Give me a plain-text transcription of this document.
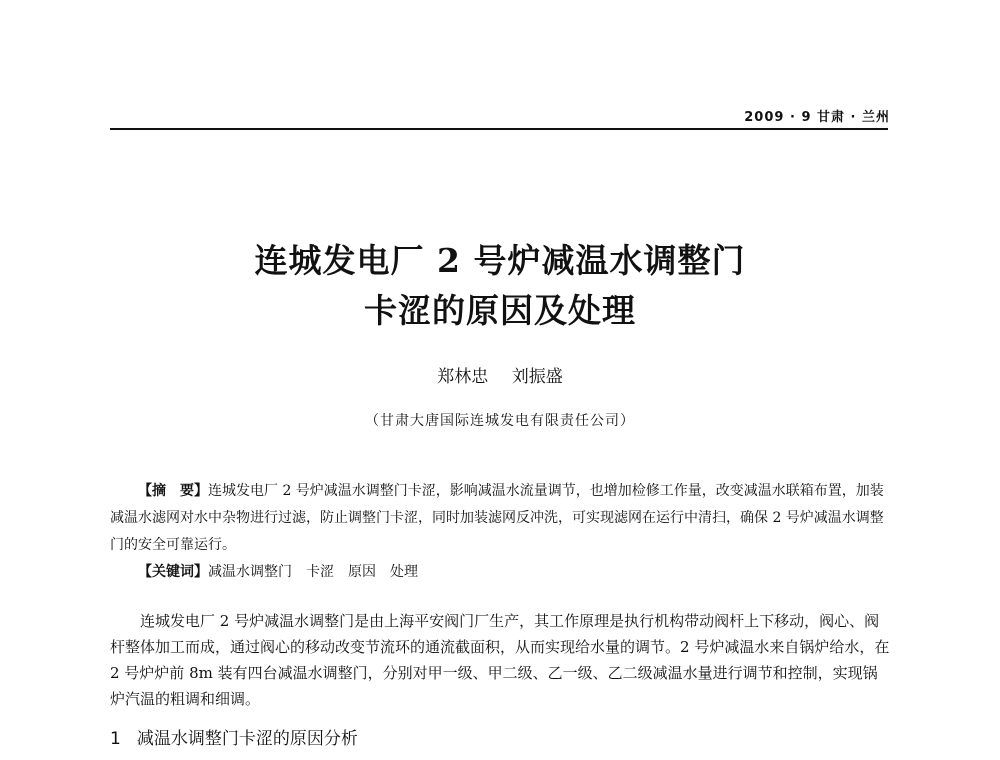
2009 · 9 甘肃 · 兰州
连城发电厂 2 号炉减温水调整门
卡涩的原因及处理
郑林忠 刘振盛
（甘肃大唐国际连城发电有限责任公司）

【摘　要】连城发电厂 2 号炉减温水调整门卡涩，影响减温水流量调节，也增加检修工作量，改变减温水联箱布置，加装减温水滤网对水中杂物进行过滤，防止调整门卡涩，同时加装滤网反冲洗，可实现滤网在运行中清扫，确保 2 号炉减温水调整门的安全可靠运行。

【关键词】减温水调整门　卡涩　原因　处理

连城发电厂 2 号炉减温水调整门是由上海平安阀门厂生产，其工作原理是执行机构带动阀杆上下移动，阀心、阀杆整体加工而成，通过阀心的移动改变节流环的通流截面积，从而实现给水量的调节。2 号炉减温水来自锅炉给水，在 2 号炉炉前 8m 装有四台减温水调整门，分别对甲一级、甲二级、乙一级、乙二级减温水量进行调节和控制，实现锅炉汽温的粗调和细调。

1 减温水调整门卡涩的原因分析
